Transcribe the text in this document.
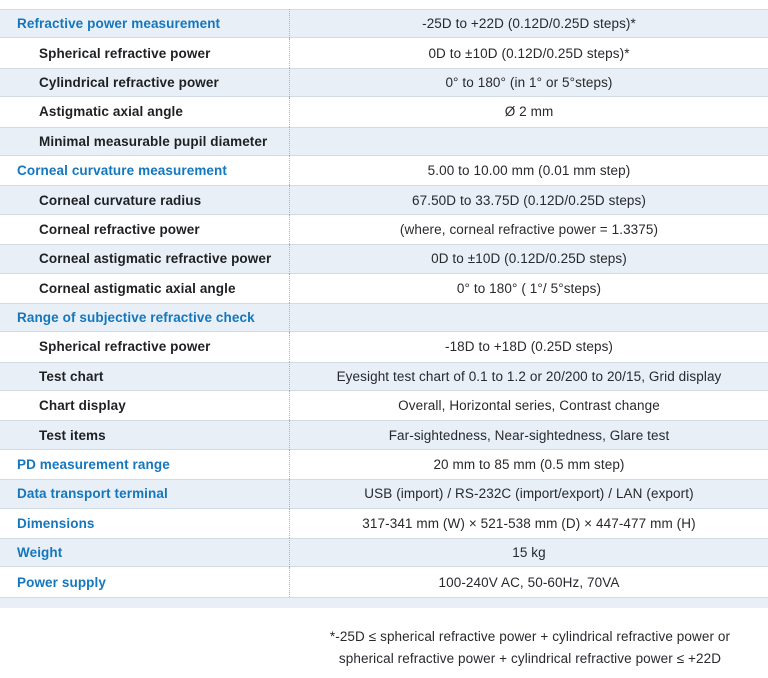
Refractive power measurement	-25D to +22D (0.12D/0.25D steps)*
Spherical refractive power	0D to ±10D (0.12D/0.25D steps)*
Cylindrical refractive power	0° to 180° (in 1° or 5°steps)
Astigmatic axial angle	Ø 2 mm
Minimal measurable pupil diameter
Corneal curvature measurement	5.00 to 10.00 mm (0.01 mm step)
Corneal curvature radius	67.50D to 33.75D (0.12D/0.25D steps)
Corneal refractive power	(where, corneal refractive power = 1.3375)
Corneal astigmatic refractive power	0D to ±10D (0.12D/0.25D steps)
Corneal astigmatic axial angle	0° to 180° ( 1°/ 5°steps)
Range of subjective refractive check
Spherical refractive power	-18D to +18D (0.25D steps)
Test chart	Eyesight test chart of 0.1 to 1.2 or 20/200 to 20/15, Grid display
Chart display	Overall, Horizontal series, Contrast change
Test items	Far-sightedness, Near-sightedness, Glare test
PD measurement range	20 mm to 85 mm (0.5 mm step)
Data transport terminal	USB (import) / RS-232C (import/export) / LAN (export)
Dimensions	317-341 mm (W) × 521-538 mm (D) × 447-477 mm (H)
Weight	15 kg
Power supply	100-240V AC, 50-60Hz, 70VA
*-25D ≤ spherical refractive power + cylindrical refractive power or
spherical refractive power + cylindrical refractive power ≤ +22D
